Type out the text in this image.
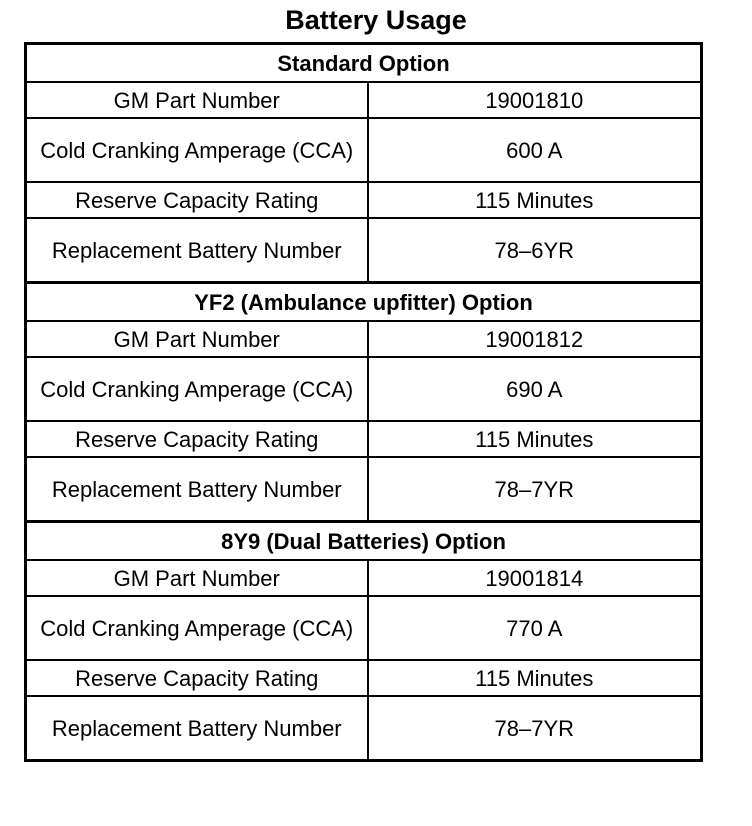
Battery Usage
Standard Option	
GM Part Number	19001810
Cold Cranking Amperage (CCA)	600 A
Reserve Capacity Rating	115 Minutes
Replacement Battery Number	78–6YR
YF2 (Ambulance upfitter) Option	
GM Part Number	19001812
Cold Cranking Amperage (CCA)	690 A
Reserve Capacity Rating	115 Minutes
Replacement Battery Number	78–7YR
8Y9 (Dual Batteries) Option	
GM Part Number	19001814
Cold Cranking Amperage (CCA)	770 A
Reserve Capacity Rating	115 Minutes
Replacement Battery Number	78–7YR
